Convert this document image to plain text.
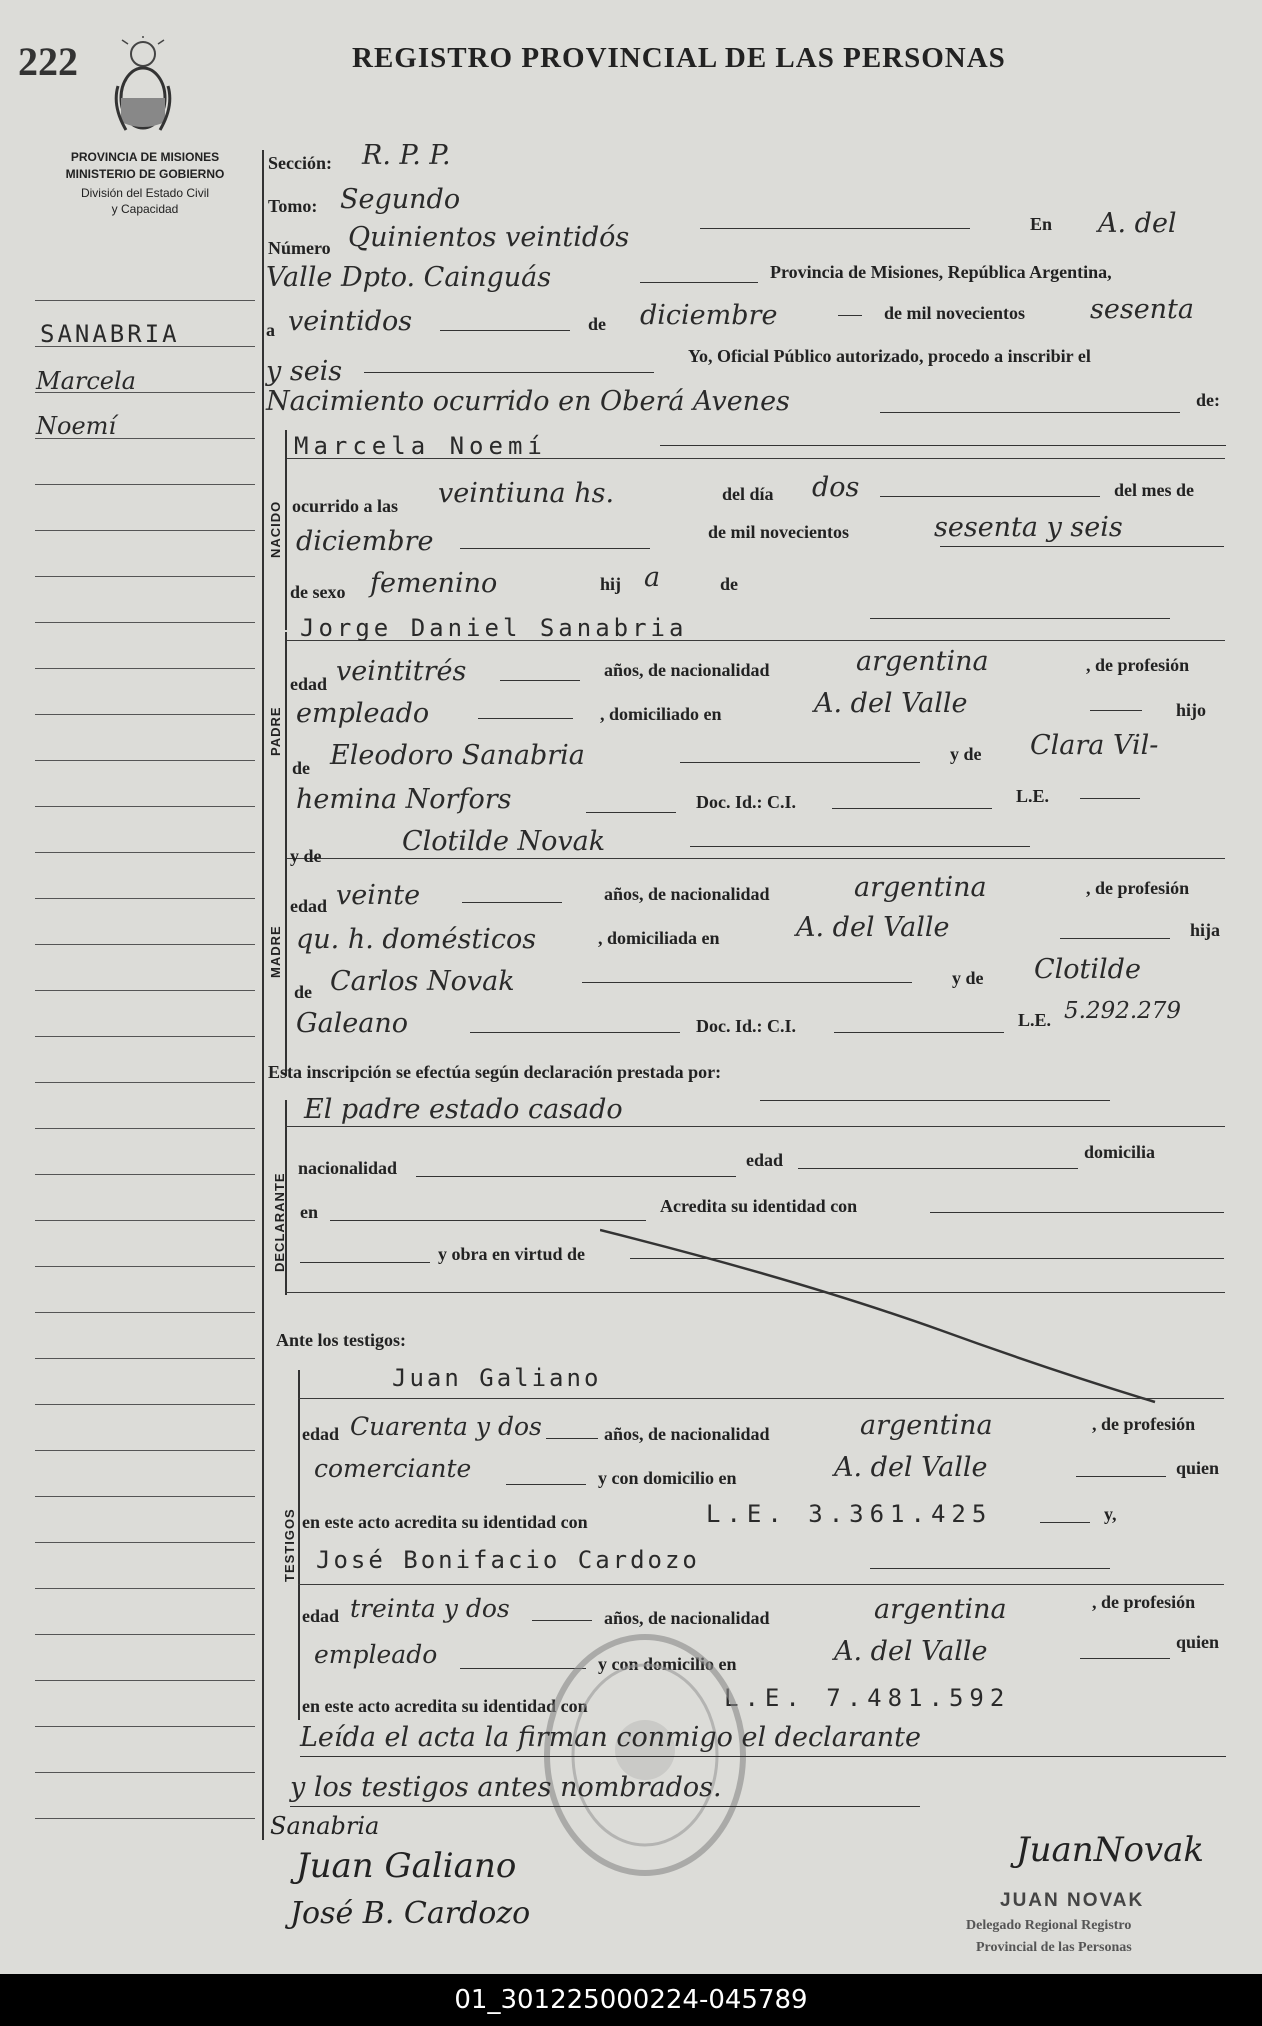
222	REGISTRO PROVINCIAL DE LAS PERSONAS
PROVINCIA DE MISIONES
MINISTERIO DE GOBIERNO
División del Estado Civil
y Capacidad
SANABRIA
Marcela
Noemí
Sección: R. P. P.
Tomo: Segundo
Número Quinientos veintidós	En A. del
Valle Dpto. Cainguás	Provincia de Misiones, República Argentina,
a veintidos	de diciembre	de mil novecientos sesenta
y seis	Yo, Oficial Público autorizado, procedo a inscribir el
Nacimiento ocurrido en Oberá Avenes	de:
NACIDO
Marcela Noemí
ocurrido a las veintiuna hs.	del día dos	del mes de
diciembre	de mil novecientos	sesenta y seis
de sexo femenino	hij a	de
PADRE
Jorge Daniel Sanabria
edad veintitrés	años, de nacionalidad	argentina	, de profesión
empleado	, domiciliado en	A. del Valle	hijo
de Eleodoro Sanabria	y de Clara Vil-
hemina Norfors	Doc. Id.: C.I.	L.E.
MADRE
y de	Clotilde Novak
edad veinte	años, de nacionalidad	argentina	, de profesión
qu. h. domésticos	, domiciliada en	A. del Valle	hija
de Carlos Novak	y de Clotilde
Galeano	Doc. Id.: C.I.	L.E. 5.292.279
Esta inscripción se efectúa según declaración prestada por:
DECLARANTE
El padre estado casado
nacionalidad	edad	domicilia
en	Acredita su identidad con
y obra en virtud de
Ante los testigos:
TESTIGOS
Juan Galiano
edad Cuarenta y dos	años, de nacionalidad	argentina	, de profesión
comerciante	y con domicilio en	A. del Valle	quien
en este acto acredita su identidad con	L.E. 3.361.425	y,
José Bonifacio Cardozo
edad treinta y dos	años, de nacionalidad	argentina	, de profesión
empleado	y con domicilio en	A. del Valle	quien
en este acto acredita su identidad con	L.E. 7.481.592
Leída el acta la firman conmigo el declarante
y los testigos antes nombrados.
Sanabria
Juan Galiano
José B. Cardozo
JuanNovak
JUAN NOVAK
Delegado Regional Registro
Provincial de las Personas
01_301225000224-045789
